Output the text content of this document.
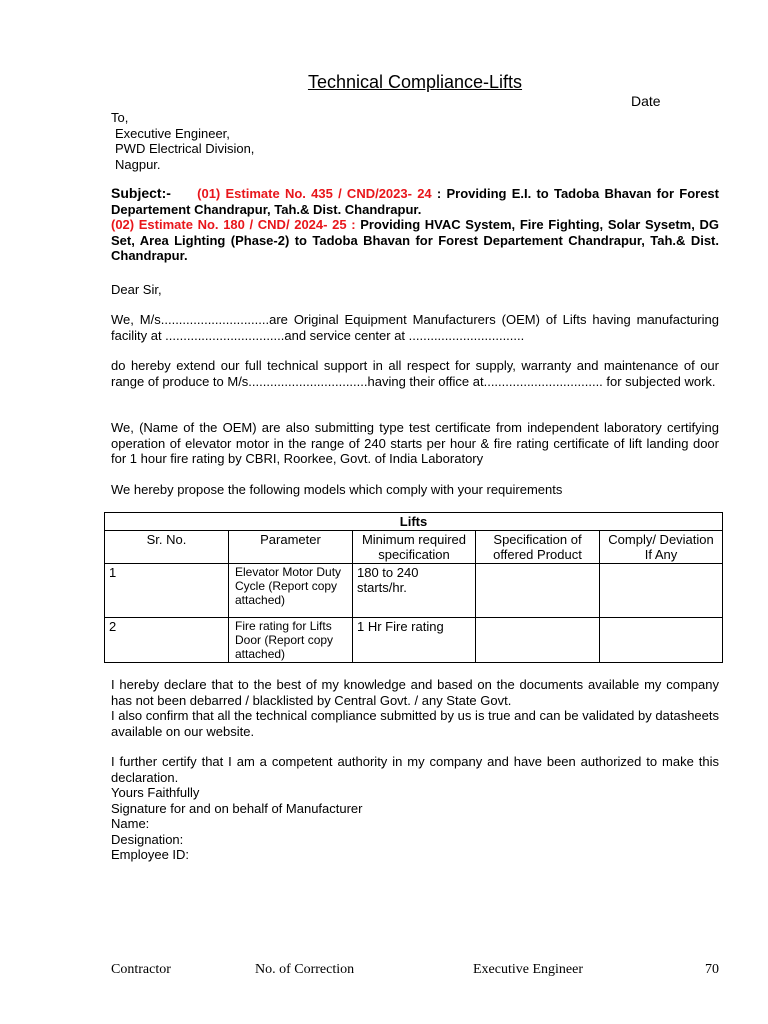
Technical Compliance-Lifts
Date
To,
Executive Engineer,
PWD Electrical Division,
Nagpur.
Subject:- (01) Estimate No. 435 / CND/2023- 24 : Providing E.I. to Tadoba Bhavan for Forest Departement Chandrapur, Tah.& Dist. Chandrapur.
(02) Estimate No. 180 / CND/ 2024- 25 : Providing HVAC System, Fire Fighting, Solar Sysetm, DG Set, Area Lighting (Phase-2) to Tadoba Bhavan for Forest Departement Chandrapur, Tah.& Dist. Chandrapur.
Dear Sir,
We, M/s..............................are Original Equipment Manufacturers (OEM) of Lifts having manufacturing facility at .................................and service center at ................................
do hereby extend our full technical support in all respect for supply, warranty and maintenance of our range of produce to M/s.................................having their office at................................. for subjected work.
We, (Name of the OEM) are also submitting type test certificate from independent laboratory certifying operation of elevator motor in the range of 240 starts per hour & fire rating certificate of lift landing door for 1 hour fire rating by CBRI, Roorkee, Govt. of India Laboratory
We hereby propose the following models which comply with your requirements
Lifts				
Sr. No.	Parameter	Minimum required specification	Specification of offered Product	Comply/ Deviation If Any
1	Elevator Motor Duty Cycle (Report copy attached)	180 to 240 starts/hr.		
2	Fire rating for Lifts Door (Report copy attached)	1 Hr Fire rating		

I hereby declare that to the best of my knowledge and based on the documents available my company has not been debarred / blacklisted by Central Govt. / any State Govt.

I also confirm that all the technical compliance submitted by us is true and can be validated by datasheets available on our website.

I further certify that I am a competent authority in my company and have been authorized to make this declaration.

Yours Faithfully

Signature for and on behalf of Manufacturer

Name:

Designation:

Employee ID:

Contractor	No. of Correction	Executive Engineer	70
